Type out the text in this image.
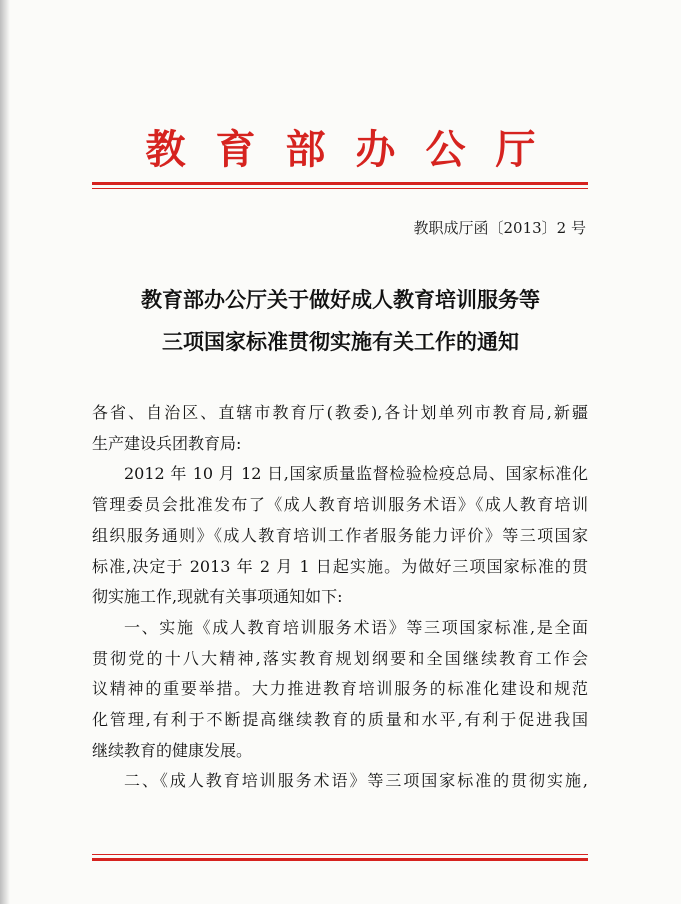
教育部办公厅
教职成厅函〔2013〕2 号
教育部办公厅关于做好成人教育培训服务等
三项国家标准贯彻实施有关工作的通知

各省、自治区、直辖市教育厅(教委),各计划单列市教育局,新疆

生产建设兵团教育局:

2012 年 10 月 12 日,国家质量监督检验检疫总局、国家标准化

管理委员会批准发布了《成人教育培训服务术语》《成人教育培训

组织服务通则》《成人教育培训工作者服务能力评价》等三项国家

标准,决定于 2013 年 2 月 1 日起实施。为做好三项国家标准的贯

彻实施工作,现就有关事项通知如下:

一、实施《成人教育培训服务术语》等三项国家标准,是全面

贯彻党的十八大精神,落实教育规划纲要和全国继续教育工作会

议精神的重要举措。大力推进教育培训服务的标准化建设和规范

化管理,有利于不断提高继续教育的质量和水平,有利于促进我国

继续教育的健康发展。

二、《成人教育培训服务术语》等三项国家标准的贯彻实施,
